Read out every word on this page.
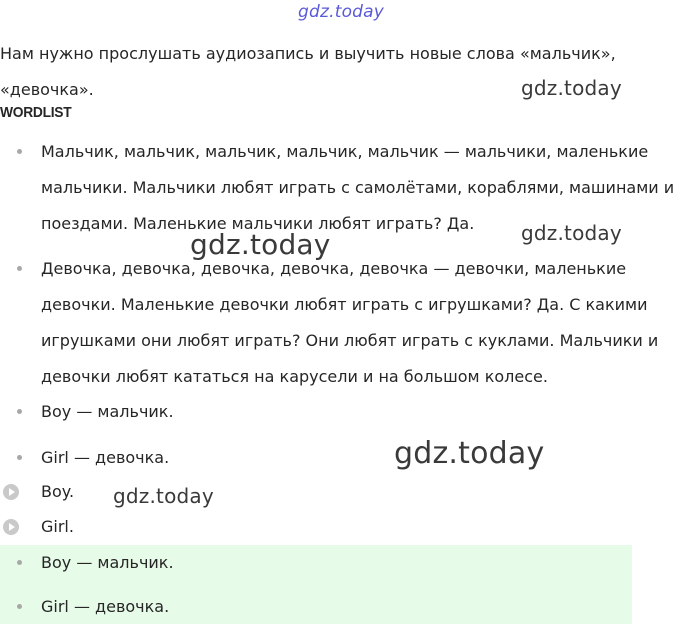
gdz.today

Нам нужно прослушать аудиозапись и выучить новые слова «мальчик», «девочка».	gdz.today
WORDLIST
Мальчик, мальчик, мальчик, мальчик, мальчик — мальчики, маленькие мальчики. Мальчики любят играть с самолётами, кораблями, машинами и поездами. Маленькие мальчики любят играть? Да.	gdz.today
gdz.today
Девочка, девочка, девочка, девочка, девочка — девочки, маленькие девочки. Маленькие девочки любят играть с игрушками? Да. С какими игрушками они любят играть? Они любят играть с куклами. Мальчики и девочки любят кататься на карусели и на большом колесе.
Boy — мальчик.
Girl — девочка.	gdz.today
Boy.	gdz.today
Girl.
Boy — мальчик.
Girl — девочка.
